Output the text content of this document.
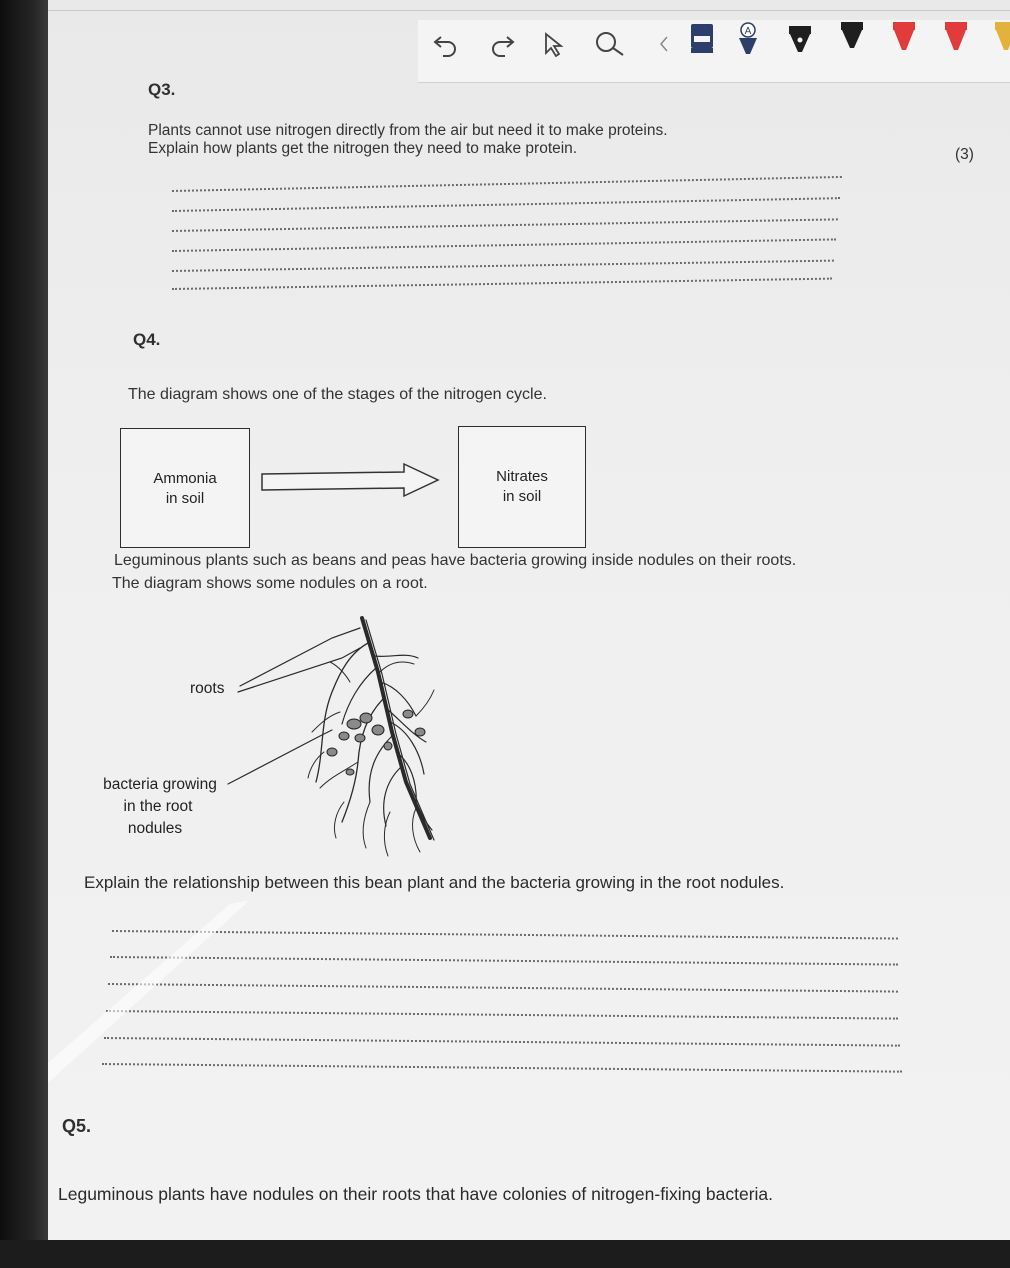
A
Q3.
Plants cannot use nitrogen directly from the air but need it to make proteins.
Explain how plants get the nitrogen they need to make protein.	(3)
Q4.
The diagram shows one of the stages of the nitrogen cycle.
Ammonia
in soil
Nitrates
in soil
Leguminous plants such as beans and peas have bacteria growing inside nodules on their roots.
The diagram shows some nodules on a root.
roots
bacteria growing
in the root
nodules
Explain the relationship between this bean plant and the bacteria growing in the root nodules.
Q5.
Leguminous plants have nodules on their roots that have colonies of nitrogen-fixing bacteria.
